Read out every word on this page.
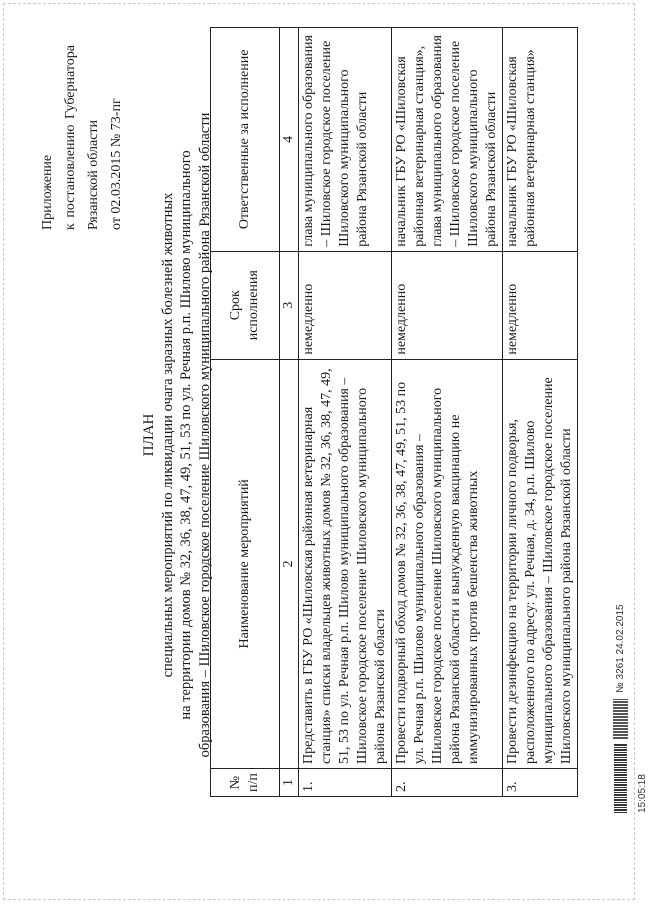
Приложение к постановлению Губернатора Рязанской области от 02.03.2015 № 73-пг
ПЛАН специальных мероприятий по ликвидации очага заразных болезней животных на территории домов № 32, 36, 38, 47, 49, 51, 53 по ул. Речная р.п. Шилово муниципального образования – Шиловское городское поселение Шиловского муниципального района Рязанской области
№ п/п	Наименование мероприятий	Срок исполнения	Ответственные за исполнение
1	2	3	4
1.	Представить в ГБУ РО «Шиловская районная ветеринарная станция» списки владельцев животных домов № 32, 36, 38, 47, 49, 51, 53 по ул. Речная р.п. Шилово муниципального образования – Шиловское городское поселение Шиловского муниципального района Рязанской области	немедленно	глава муниципального образования – Шиловское городское поселение Шиловского муниципального района Рязанской области
2.	Провести подворный обход домов № 32, 36, 38, 47, 49, 51, 53 по ул. Речная р.п. Шилово муниципального образования – Шиловское городское поселение Шиловского муниципального района Рязанской области и вынужденную вакцинацию не иммунизированных против бешенства животных	немедленно	начальник ГБУ РО «Шиловская районная ветеринарная станция», глава муниципального образования – Шиловское городское поселение Шиловского муниципального района Рязанской области
3.	Провести дезинфекцию на территории личного подворья, расположенного по адресу: ул. Речная, д. 34, р.п. Шилово муниципального образования – Шиловское городское поселение Шиловского муниципального района Рязанской области	немедленно	начальник ГБУ РО «Шиловская районная ветеринарная станция»
№ 3261 24.02.2015 15:05:18
